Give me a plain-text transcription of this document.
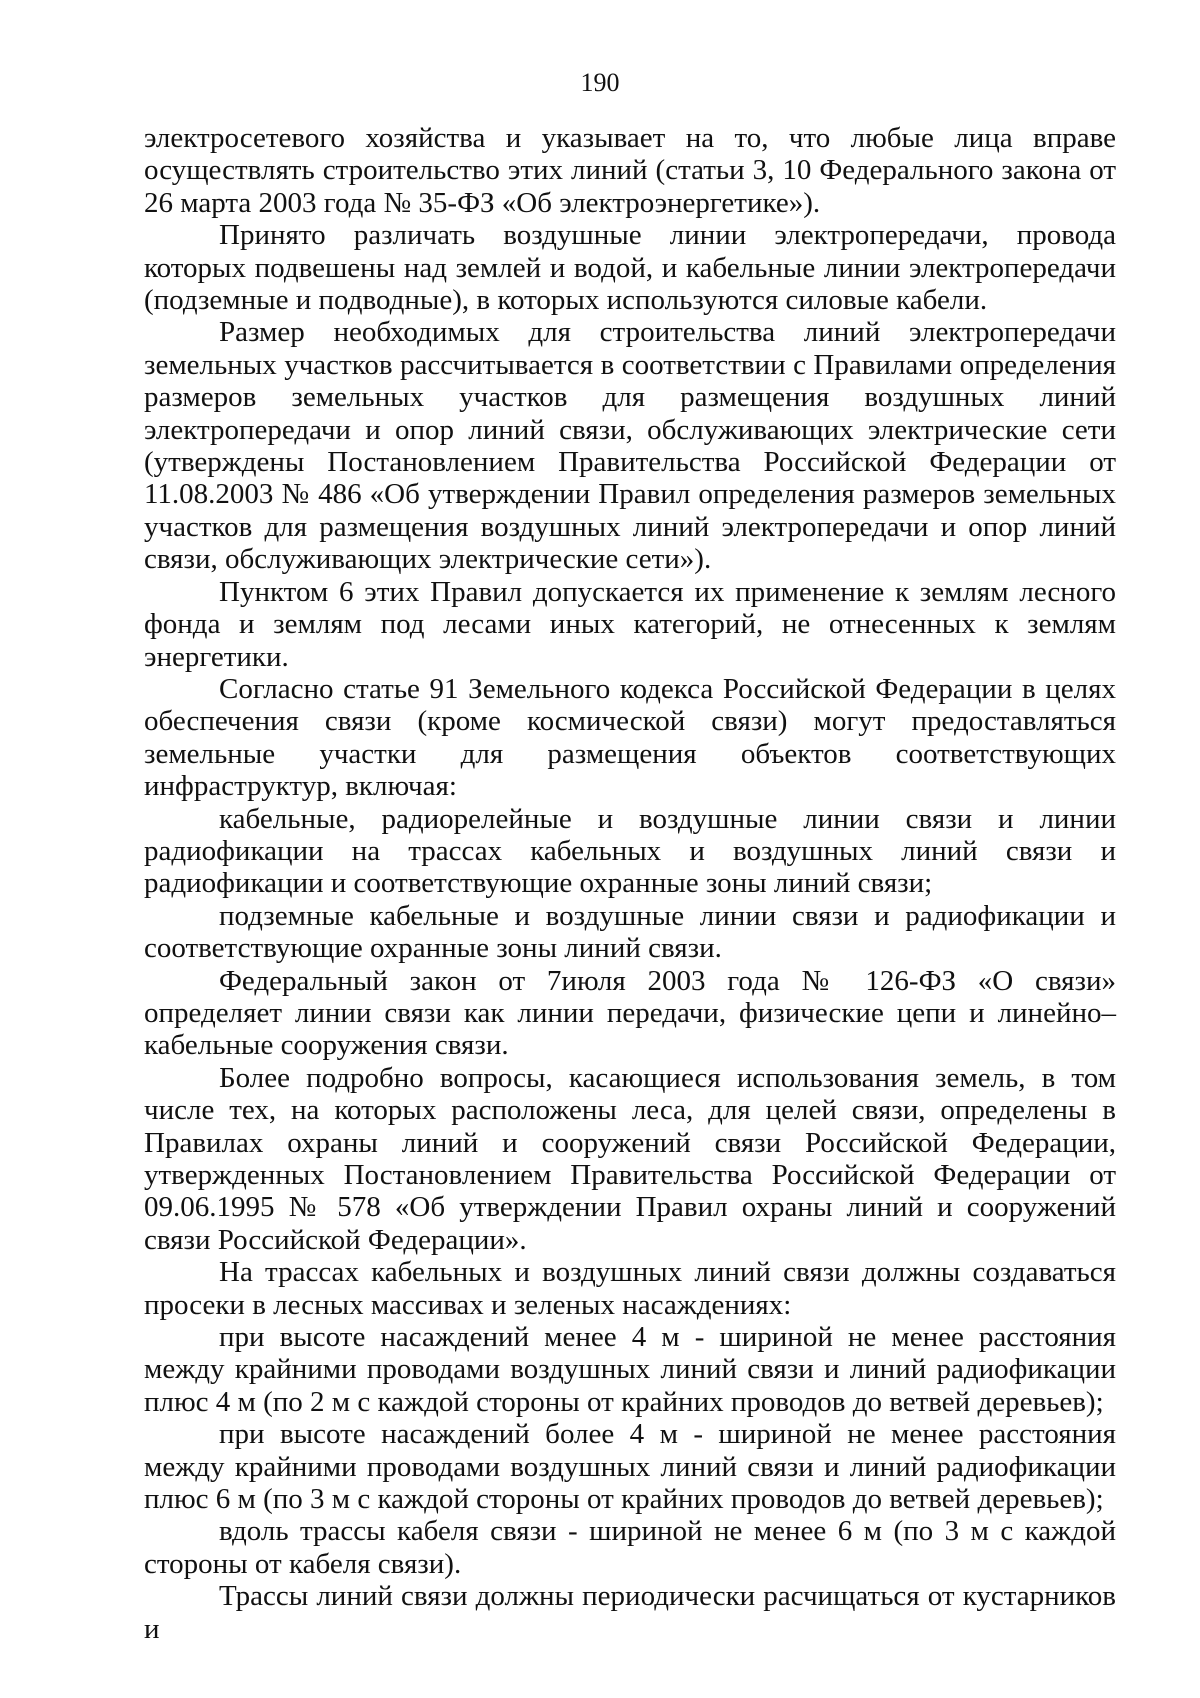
190

электросетевого хозяйства и указывает на то, что любые лица вправе осуществлять строительство этих линий (статьи 3, 10 Федерального закона от 26 марта 2003 года № 35-ФЗ «Об электроэнергетике»).

Принято различать воздушные линии электропередачи, провода которых подвешены над землей и водой, и кабельные линии электропередачи (подземные и подводные), в которых используются силовые кабели.

Размер необходимых для строительства линий электропередачи земельных участков рассчитывается в соответствии с Правилами определения размеров земельных участков для размещения воздушных линий электропередачи и опор линий связи, обслуживающих электрические сети (утверждены Постановлением Правительства Российской Федерации от 11.08.2003 № 486 «Об утверждении Правил определения размеров земельных участков для размещения воздушных линий электропередачи и опор линий связи, обслуживающих электрические сети»).

Пунктом 6 этих Правил допускается их применение к землям лесного фонда и землям под лесами иных категорий, не отнесенных к землям энергетики.

Согласно статье 91 Земельного кодекса Российской Федерации в целях обеспечения связи (кроме космической связи) могут предоставляться земельные участки для размещения объектов соответствующих инфраструктур, включая:

кабельные, радиорелейные и воздушные линии связи и линии радиофикации на трассах кабельных и воздушных линий связи и радиофикации и соответствующие охранные зоны линий связи;

подземные кабельные и воздушные линии связи и радиофикации и соответствующие охранные зоны линий связи.

Федеральный закон от 7июля 2003 года № 126-ФЗ «О связи» определяет линии связи как линии передачи, физические цепи и линейно–кабельные сооружения связи.

Более подробно вопросы, касающиеся использования земель, в том числе тех, на которых расположены леса, для целей связи, определены в Правилах охраны линий и сооружений связи Российской Федерации, утвержденных Постановлением Правительства Российской Федерации от 09.06.1995 № 578 «Об утверждении Правил охраны линий и сооружений связи Российской Федерации».

На трассах кабельных и воздушных линий связи должны создаваться просеки в лесных массивах и зеленых насаждениях:

при высоте насаждений менее 4 м - шириной не менее расстояния между крайними проводами воздушных линий связи и линий радиофикации плюс 4 м (по 2 м с каждой стороны от крайних проводов до ветвей деревьев);

при высоте насаждений более 4 м - шириной не менее расстояния между крайними проводами воздушных линий связи и линий радиофикации плюс 6 м (по 3 м с каждой стороны от крайних проводов до ветвей деревьев);

вдоль трассы кабеля связи - шириной не менее 6 м (по 3 м с каждой стороны от кабеля связи).

Трассы линий связи должны периодически расчищаться от кустарников и
